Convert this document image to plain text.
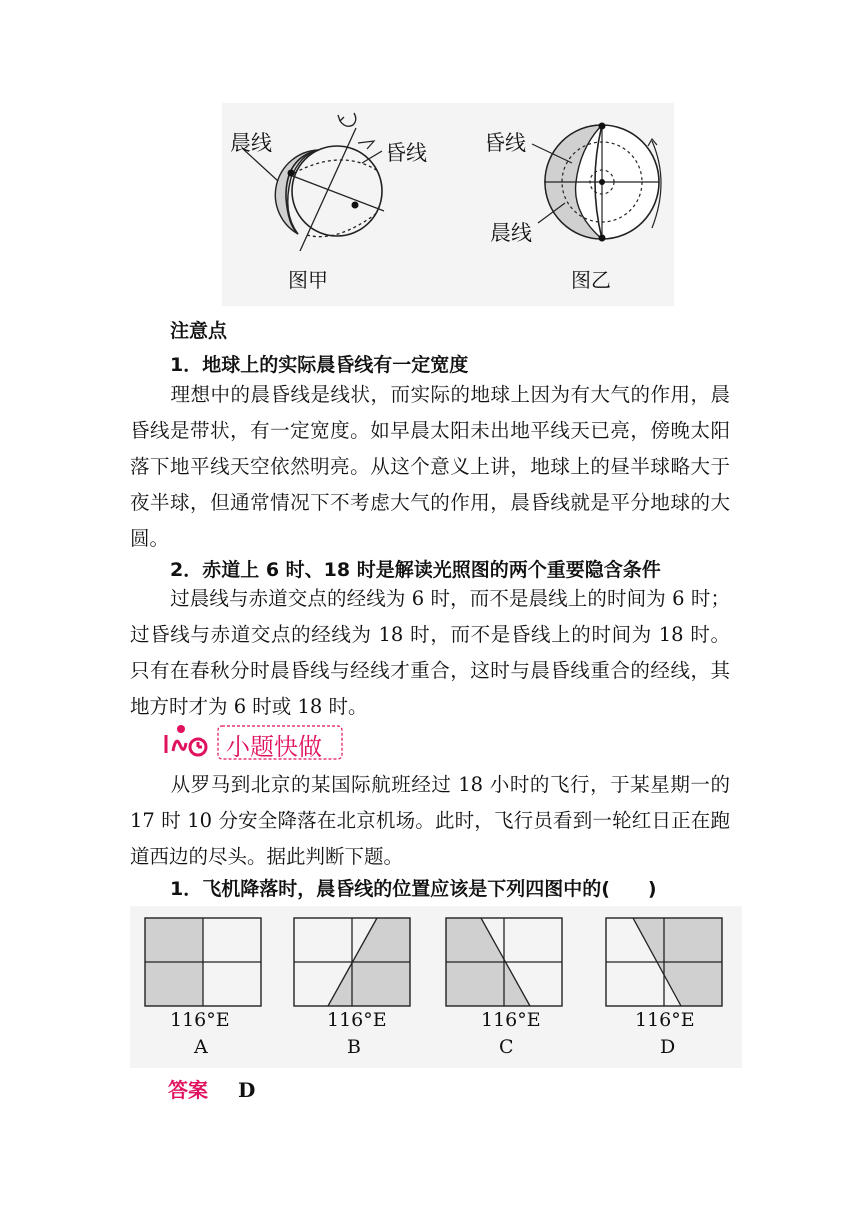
晨线	昏线
图甲
昏线
晨线
图乙
注意点
1．地球上的实际晨昏线有一定宽度
理想中的晨昏线是线状，而实际的地球上因为有大气的作用，晨昏线是带状，有一定宽度。如早晨太阳未出地平线天已亮，傍晚太阳落下地平线天空依然明亮。从这个意义上讲，地球上的昼半球略大于夜半球，但通常情况下不考虑大气的作用，晨昏线就是平分地球的大圆。
2．赤道上 6 时、18 时是解读光照图的两个重要隐含条件
过晨线与赤道交点的经线为 6 时，而不是晨线上的时间为 6 时；过昏线与赤道交点的经线为 18 时，而不是昏线上的时间为 18 时。只有在春秋分时晨昏线与经线才重合，这时与晨昏线重合的经线，其地方时才为 6 时或 18 时。
小题快做
从罗马到北京的某国际航班经过 18 小时的飞行，于某星期一的 17 时 10 分安全降落在北京机场。此时，飞行员看到一轮红日正在跑道西边的尽头。据此判断下题。
1．飞机降落时，晨昏线的位置应该是下列四图中的(　　)
116°E
A
116°E
B
116°E
C
116°E
D
答案 D
